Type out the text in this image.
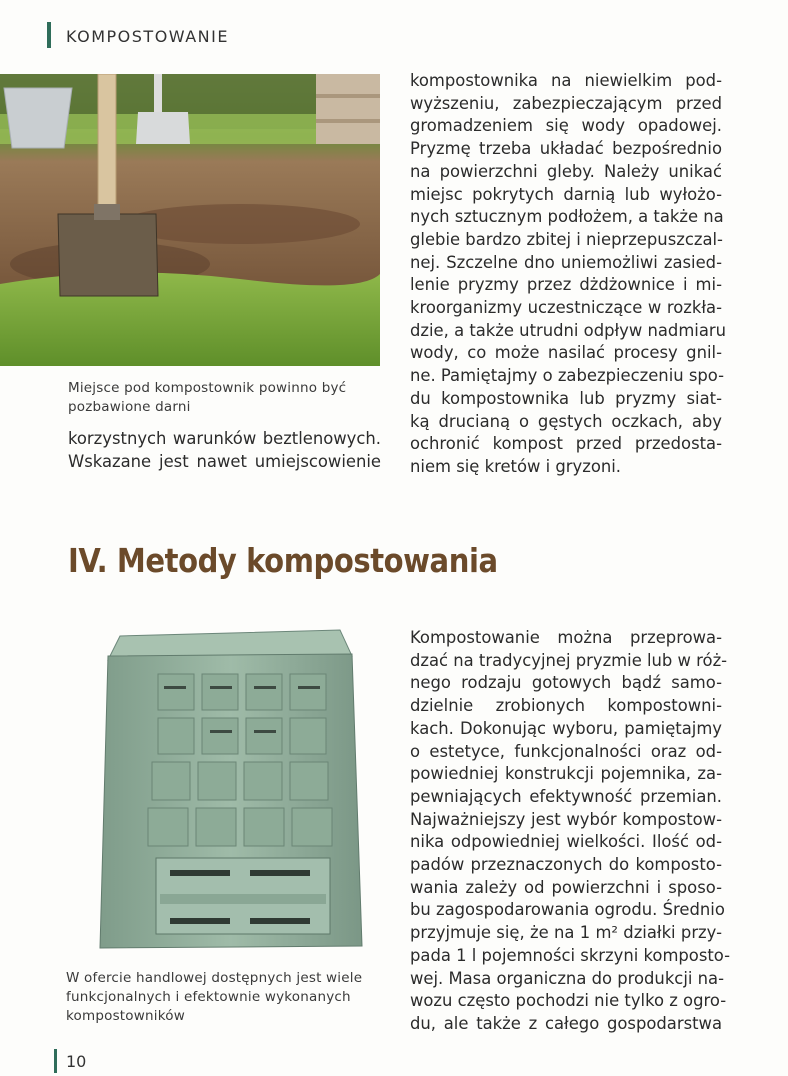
KOMPOSTOWANIE
Miejsce pod kompostownik powinno być
pozbawione darni
korzystnych warunków beztlenowych.
Wskazane jest nawet umiejscowienie
kompostownika na niewielkim pod-
wyższeniu, zabezpieczającym przed
gromadzeniem się wody opadowej.
Pryzmę trzeba układać bezpośrednio
na powierzchni gleby. Należy unikać
miejsc pokrytych darnią lub wyłożo-
nych sztucznym podłożem, a także na
glebie bardzo zbitej i nieprzepuszczal-
nej. Szczelne dno uniemożliwi zasied-
lenie pryzmy przez dżdżownice i mi-
kroorganizmy uczestniczące w rozkła-
dzie, a także utrudni odpływ nadmiaru
wody, co może nasilać procesy gnil-
ne. Pamiętajmy o zabezpieczeniu spo-
du kompostownika lub pryzmy siat-
ką drucianą o gęstych oczkach, aby
ochronić kompost przed przedosta-
niem się kretów i gryzoni.
IV. Metody kompostowania
W ofercie handlowej dostępnych jest wiele
funkcjonalnych i efektownie wykonanych
kompostowników
Kompostowanie można przeprowa-
dzać na tradycyjnej pryzmie lub w róż-
nego rodzaju gotowych bądź samo-
dzielnie zrobionych kompostowni-
kach. Dokonując wyboru, pamiętajmy
o estetyce, funkcjonalności oraz od-
powiedniej konstrukcji pojemnika, za-
pewniających efektywność przemian.
Najważniejszy jest wybór kompostow-
nika odpowiedniej wielkości. Ilość od-
padów przeznaczonych do komposto-
wania zależy od powierzchni i sposo-
bu zagospodarowania ogrodu. Średnio
przyjmuje się, że na 1 m² działki przy-
pada 1 l pojemności skrzyni komposto-
wej. Masa organiczna do produkcji na-
wozu często pochodzi nie tylko z ogro-
du, ale także z całego gospodarstwa
10
